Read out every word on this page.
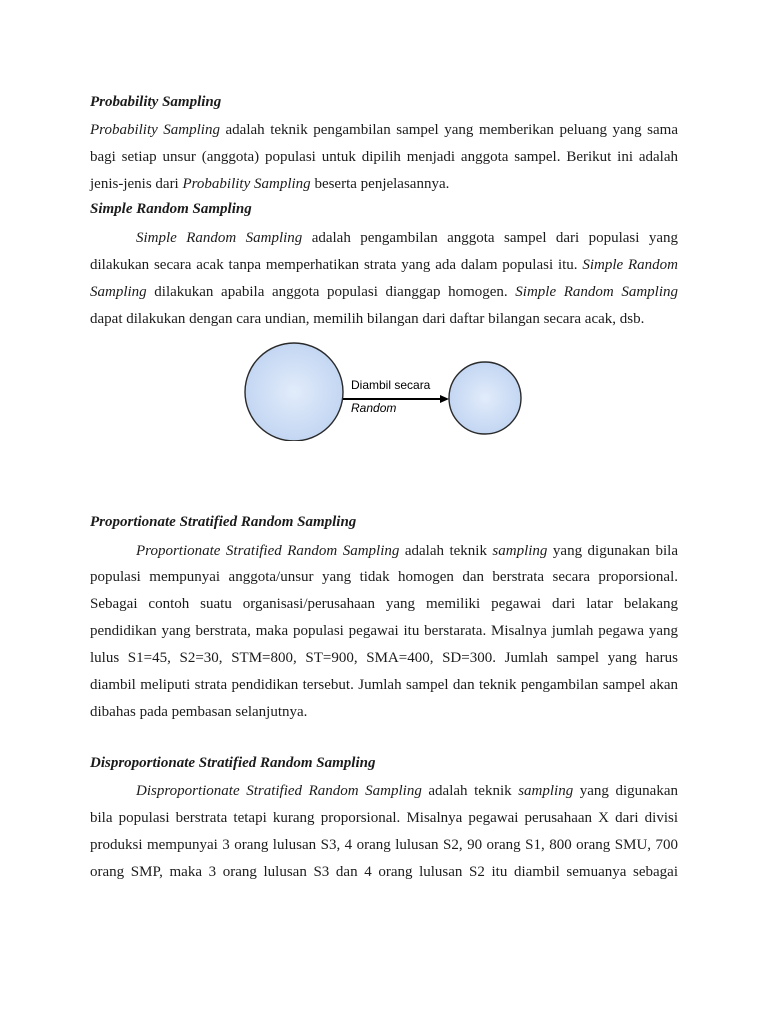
Probability Sampling

Probability Sampling adalah teknik pengambilan sampel yang memberikan peluang yang sama

bagi setiap unsur (anggota) populasi untuk dipilih menjadi anggota sampel. Berikut ini adalah

jenis-jenis dari Probability Sampling beserta penjelasannya.

Simple Random Sampling

Simple Random Sampling adalah pengambilan anggota sampel dari populasi yang

dilakukan secara acak tanpa memperhatikan strata yang ada dalam populasi itu. Simple Random

Sampling dilakukan apabila anggota populasi dianggap homogen. Simple Random Sampling

dapat dilakukan dengan cara undian, memilih bilangan dari daftar bilangan secara acak, dsb.

Diambil secara
Random
Proportionate Stratified Random Sampling

Proportionate Stratified Random Sampling adalah teknik sampling yang digunakan bila

populasi mempunyai anggota/unsur yang tidak homogen dan berstrata secara proporsional.

Sebagai contoh suatu organisasi/perusahaan yang memiliki pegawai dari latar belakang

pendidikan yang berstrata, maka populasi pegawai itu berstarata. Misalnya jumlah pegawa yang

lulus S1=45, S2=30, STM=800, ST=900, SMA=400, SD=300. Jumlah sampel yang harus

diambil meliputi strata pendidikan tersebut. Jumlah sampel dan teknik pengambilan sampel akan

dibahas pada pembasan selanjutnya.

Disproportionate Stratified Random Sampling

Disproportionate Stratified Random Sampling adalah teknik sampling yang digunakan

bila populasi berstrata tetapi kurang proporsional. Misalnya pegawai perusahaan X dari divisi

produksi mempunyai 3 orang lulusan S3, 4 orang lulusan S2, 90 orang S1, 800 orang SMU, 700

orang SMP, maka 3 orang lulusan S3 dan 4 orang lulusan S2 itu diambil semuanya sebagai
